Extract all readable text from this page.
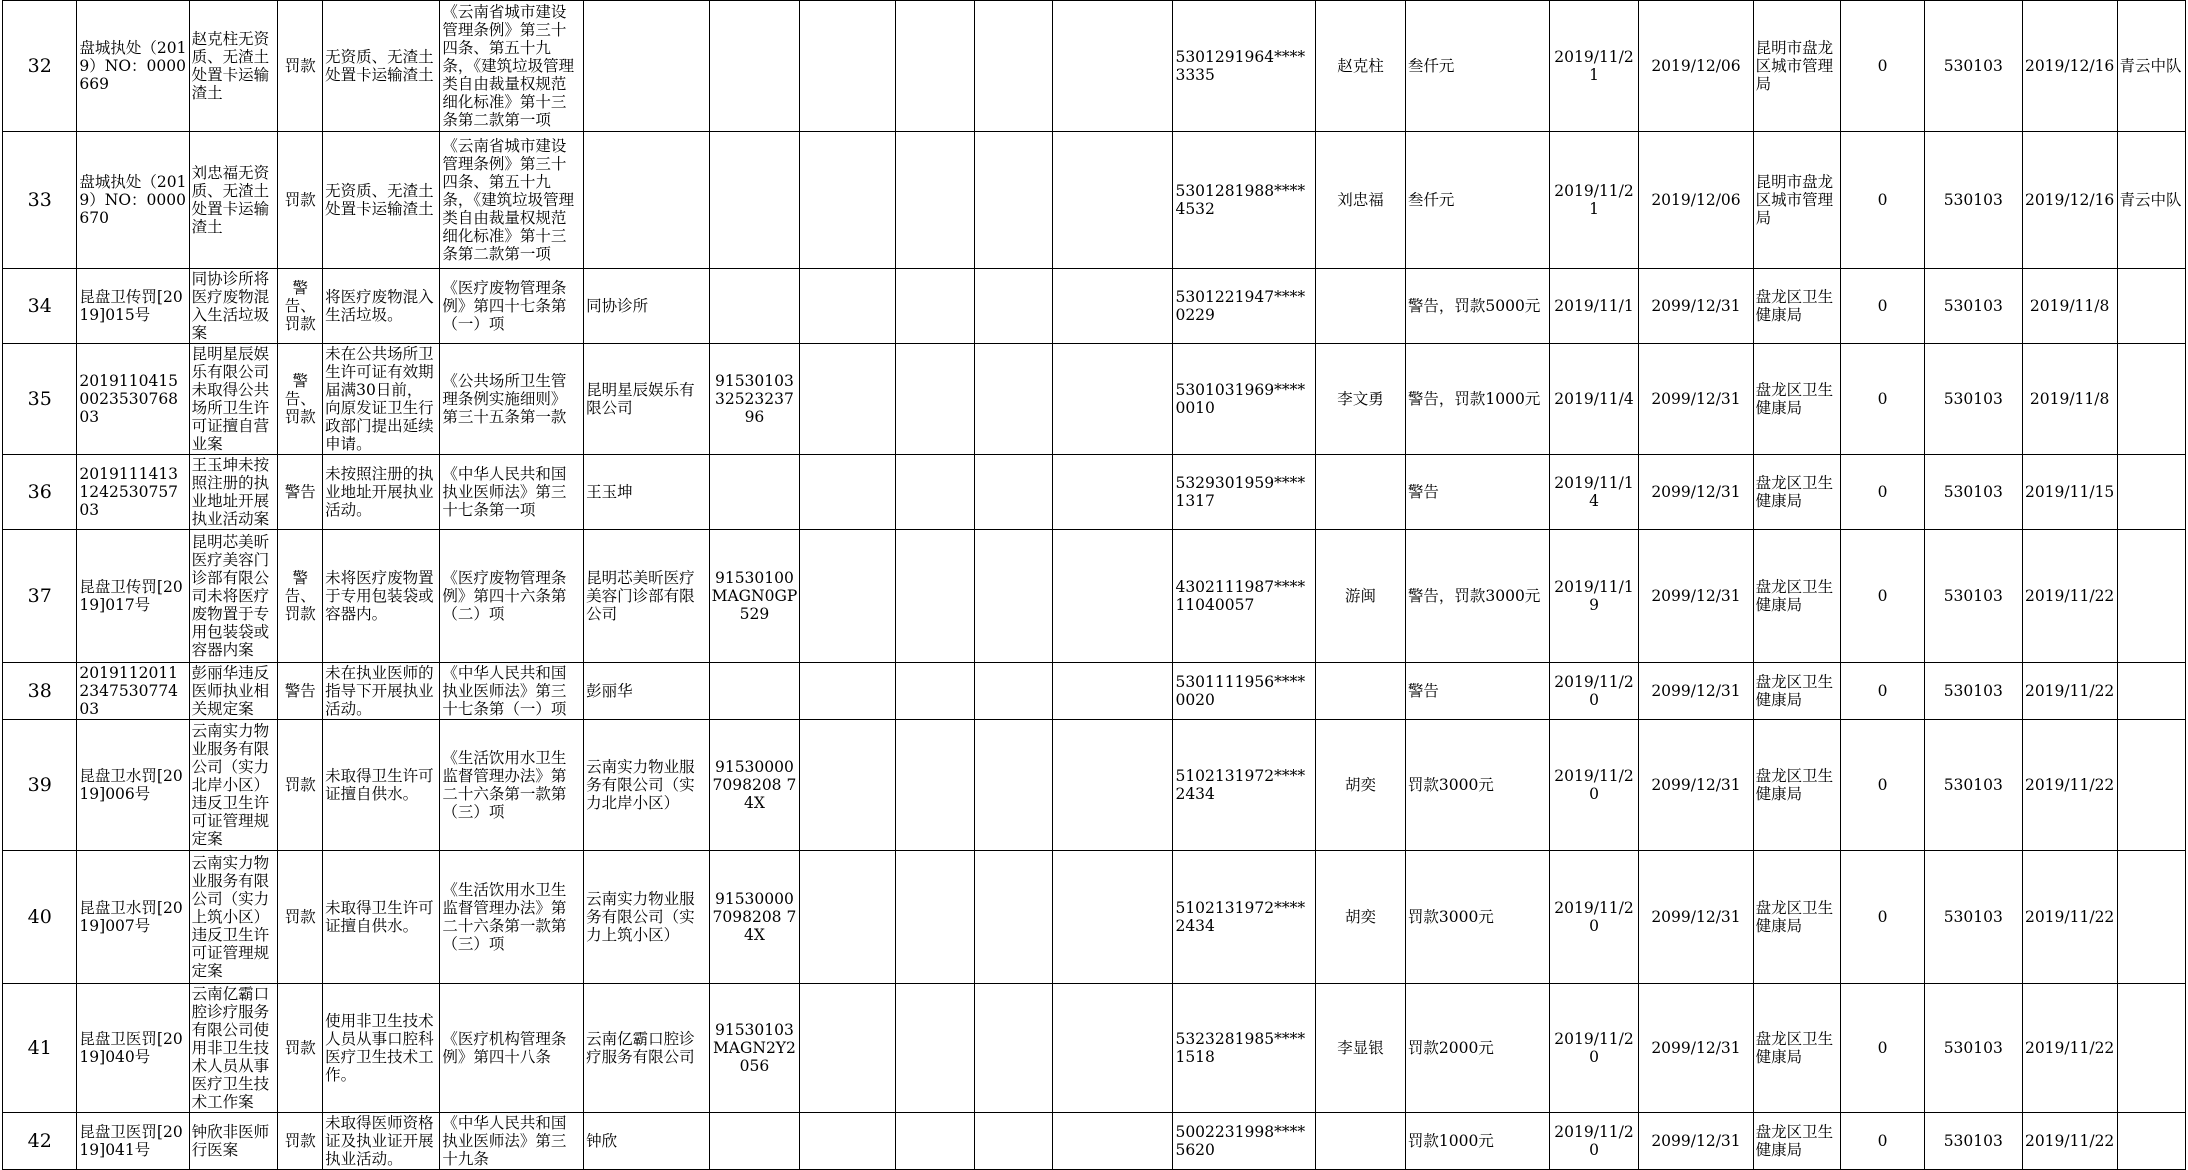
32	盘城执处（2019）NO：0000669	赵克柱无资质、无渣土处置卡运输渣土	罚款	无资质、无渣土处置卡运输渣土	《云南省城市建设管理条例》第三十四条、第五十九条，《建筑垃圾管理类自由裁量权规范细化标准》第十三条第二款第一项							5301291964****3335	赵克柱	叁仟元	2019/11/21	2019/12/06	昆明市盘龙区城市管理局	0	530103	2019/12/16	青云中队
33	盘城执处（2019）NO：0000670	刘忠福无资质、无渣土处置卡运输渣土	罚款	无资质、无渣土处置卡运输渣土	《云南省城市建设管理条例》第三十四条、第五十九条，《建筑垃圾管理类自由裁量权规范细化标准》第十三条第二款第一项							5301281988****4532	刘忠福	叁仟元	2019/11/21	2019/12/06	昆明市盘龙区城市管理局	0	530103	2019/12/16	青云中队
34	昆盘卫传罚[2019]015号	同协诊所将医疗废物混入生活垃圾案	警告、罚款	将医疗废物混入生活垃圾。	《医疗废物管理条例》第四十七条第（一）项	同协诊所						5301221947****0229		警告，罚款5000元	2019/11/1	2099/12/31	盘龙区卫生健康局	0	530103	2019/11/8	
35	2019110415002353076803	昆明星辰娱乐有限公司未取得公共场所卫生许可证擅自营业案	警告、罚款	未在公共场所卫生许可证有效期届满30日前，向原发证卫生行政部门提出延续申请。	《公共场所卫生管理条例实施细则》第三十五条第一款	昆明星辰娱乐有限公司	915301033252323796					5301031969****0010	李文勇	警告，罚款1000元	2019/11/4	2099/12/31	盘龙区卫生健康局	0	530103	2019/11/8	
36	2019111413124253075703	王玉坤未按照注册的执业地址开展执业活动案	警告	未按照注册的执业地址开展执业活动。	《中华人民共和国执业医师法》第三十七条第一项	王玉坤						5329301959****1317		警告	2019/11/14	2099/12/31	盘龙区卫生健康局	0	530103	2019/11/15	
37	昆盘卫传罚[2019]017号	昆明芯美昕医疗美容门诊部有限公司未将医疗废物置于专用包装袋或容器内案	警告、罚款	未将医疗废物置于专用包装袋或容器内。	《医疗废物管理条例》第四十六条第（二）项	昆明芯美昕医疗美容门诊部有限公司	91530100MAGN0GP529					4302111987****11040057	游闽	警告，罚款3000元	2019/11/19	2099/12/31	盘龙区卫生健康局	0	530103	2019/11/22	
38	2019112011234753077403	彭丽华违反医师执业相关规定案	警告	未在执业医师的指导下开展执业活动。	《中华人民共和国执业医师法》第三十七条第（一）项	彭丽华						5301111956****0020		警告	2019/11/20	2099/12/31	盘龙区卫生健康局	0	530103	2019/11/22	
39	昆盘卫水罚[2019]006号	云南实力物业服务有限公司（实力北岸小区）违反卫生许可证管理规定案	罚款	未取得卫生许可证擅自供水。	《生活饮用水卫生监督管理办法》第二十六条第一款第（三）项	云南实力物业服务有限公司（实力北岸小区）	915300007098208 74X					5102131972****2434	胡奕	罚款3000元	2019/11/20	2099/12/31	盘龙区卫生健康局	0	530103	2019/11/22	
40	昆盘卫水罚[2019]007号	云南实力物业服务有限公司（实力上筑小区）违反卫生许可证管理规定案	罚款	未取得卫生许可证擅自供水。	《生活饮用水卫生监督管理办法》第二十六条第一款第（三）项	云南实力物业服务有限公司（实力上筑小区）	915300007098208 74X					5102131972****2434	胡奕	罚款3000元	2019/11/20	2099/12/31	盘龙区卫生健康局	0	530103	2019/11/22	
41	昆盘卫医罚[2019]040号	云南亿霸口腔诊疗服务有限公司使用非卫生技术人员从事医疗卫生技术工作案	罚款	使用非卫生技术人员从事口腔科医疗卫生技术工作。	《医疗机构管理条例》第四十八条	云南亿霸口腔诊疗服务有限公司	91530103MAGN2Y2056					5323281985****1518	李显银	罚款2000元	2019/11/20	2099/12/31	盘龙区卫生健康局	0	530103	2019/11/22	
42	昆盘卫医罚[2019]041号	钟欣非医师行医案	罚款	未取得医师资格证及执业证开展执业活动。	《中华人民共和国执业医师法》第三十九条	钟欣						5002231998****5620		罚款1000元	2019/11/20	2099/12/31	盘龙区卫生健康局	0	530103	2019/11/22	
